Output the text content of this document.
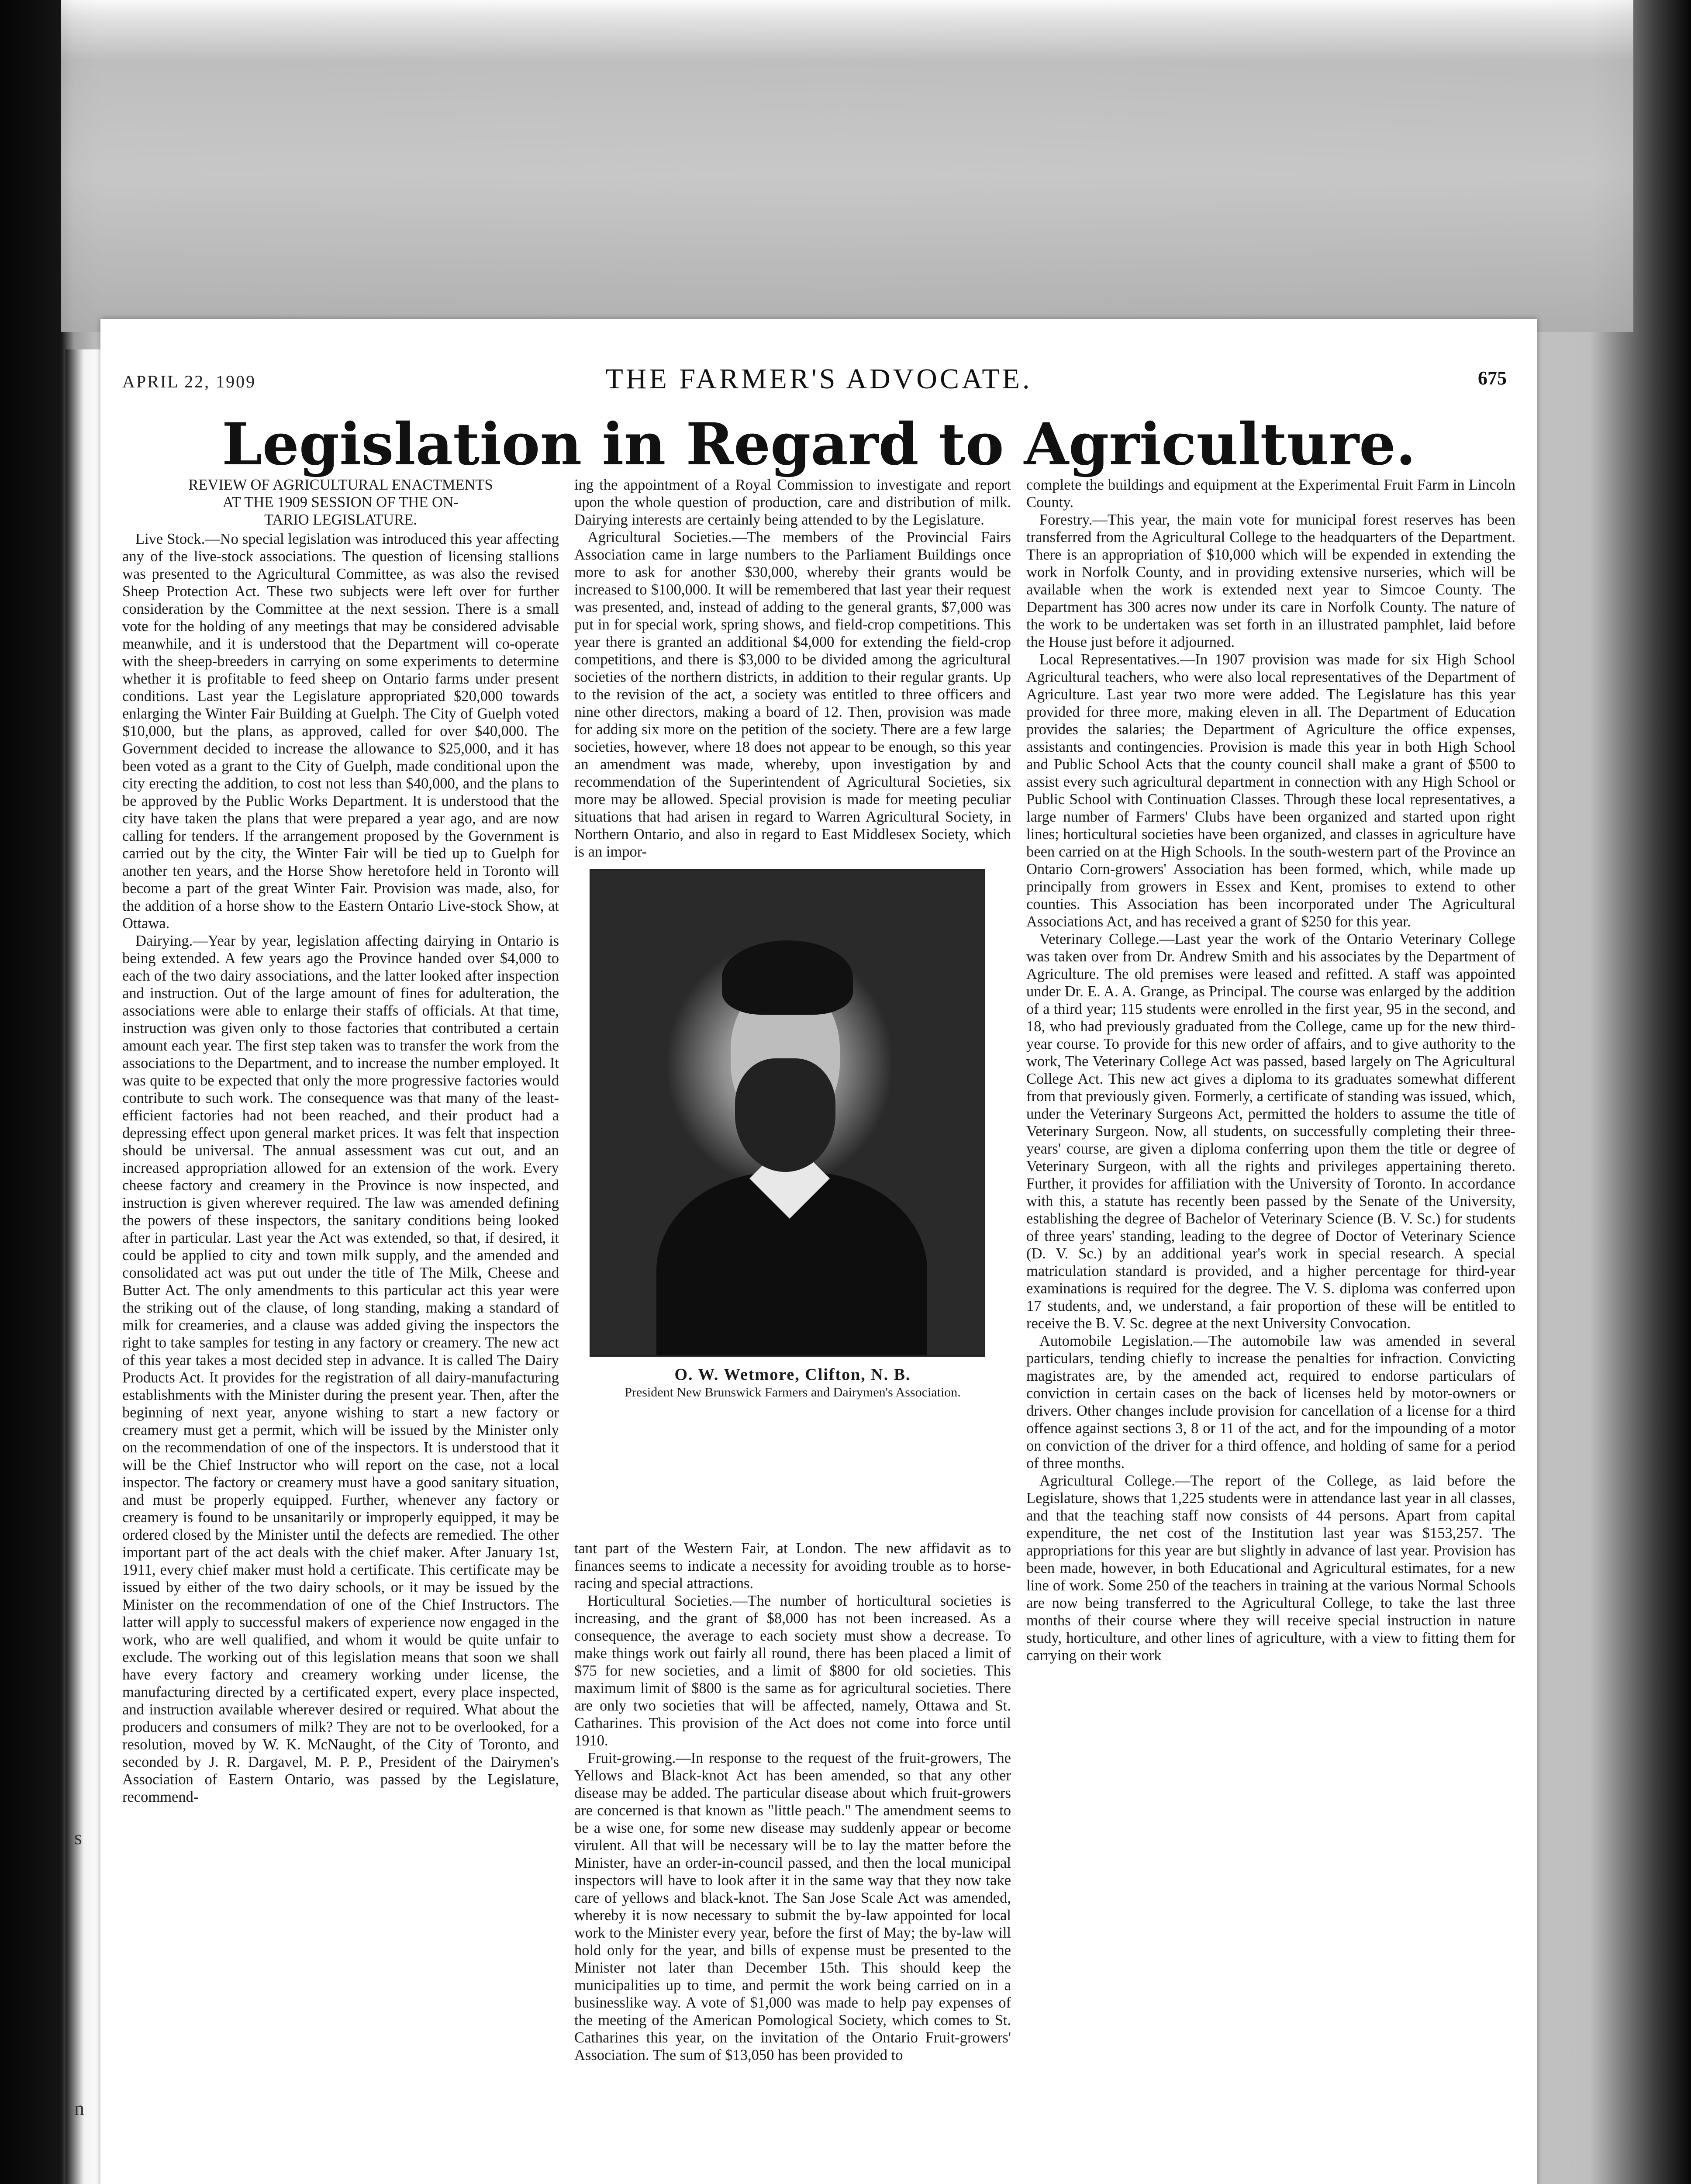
s
n
APRIL 22, 1909	THE FARMER'S ADVOCATE.	675
Legislation in Regard to Agriculture.

REVIEW OF AGRICULTURAL ENACTMENTS

AT THE 1909 SESSION OF THE ON-

TARIO LEGISLATURE.

Live Stock.—No special legislation was introduced this year affecting any of the live-stock associations. The question of licensing stallions was presented to the Agricultural Committee, as was also the revised Sheep Protection Act. These two subjects were left over for further consideration by the Committee at the next session. There is a small vote for the holding of any meetings that may be considered advisable meanwhile, and it is understood that the Department will co-operate with the sheep-breeders in carrying on some experiments to determine whether it is profitable to feed sheep on Ontario farms under present conditions. Last year the Legislature appropriated $20,000 towards enlarging the Winter Fair Building at Guelph. The City of Guelph voted $10,000, but the plans, as approved, called for over $40,000. The Government decided to increase the allowance to $25,000, and it has been voted as a grant to the City of Guelph, made conditional upon the city erecting the addition, to cost not less than $40,000, and the plans to be approved by the Public Works Department. It is understood that the city have taken the plans that were prepared a year ago, and are now calling for tenders. If the arrangement proposed by the Government is carried out by the city, the Winter Fair will be tied up to Guelph for another ten years, and the Horse Show heretofore held in Toronto will become a part of the great Winter Fair. Provision was made, also, for the addition of a horse show to the Eastern Ontario Live-stock Show, at Ottawa.

Dairying.—Year by year, legislation affecting dairying in Ontario is being extended. A few years ago the Province handed over $4,000 to each of the two dairy associations, and the latter looked after inspection and instruction. Out of the large amount of fines for adulteration, the associations were able to enlarge their staffs of officials. At that time, instruction was given only to those factories that contributed a certain amount each year. The first step taken was to transfer the work from the associations to the Department, and to increase the number employed. It was quite to be expected that only the more progressive factories would contribute to such work. The consequence was that many of the least-efficient factories had not been reached, and their product had a depressing effect upon general market prices. It was felt that inspection should be universal. The annual assessment was cut out, and an increased appropriation allowed for an extension of the work. Every cheese factory and creamery in the Province is now inspected, and instruction is given wherever required. The law was amended defining the powers of these inspectors, the sanitary conditions being looked after in particular. Last year the Act was extended, so that, if desired, it could be applied to city and town milk supply, and the amended and consolidated act was put out under the title of The Milk, Cheese and Butter Act. The only amendments to this particular act this year were the striking out of the clause, of long standing, making a standard of milk for creameries, and a clause was added giving the inspectors the right to take samples for testing in any factory or creamery. The new act of this year takes a most decided step in advance. It is called The Dairy Products Act. It provides for the registration of all dairy-manufacturing establishments with the Minister during the present year. Then, after the beginning of next year, anyone wishing to start a new factory or creamery must get a permit, which will be issued by the Minister only on the recommendation of one of the inspectors. It is understood that it will be the Chief Instructor who will report on the case, not a local inspector. The factory or creamery must have a good sanitary situation, and must be properly equipped. Further, whenever any factory or creamery is found to be unsanitarily or improperly equipped, it may be ordered closed by the Minister until the defects are remedied. The other important part of the act deals with the chief maker. After January 1st, 1911, every chief maker must hold a certificate. This certificate may be issued by either of the two dairy schools, or it may be issued by the Minister on the recommendation of one of the Chief Instructors. The latter will apply to successful makers of experience now engaged in the work, who are well qualified, and whom it would be quite unfair to exclude. The working out of this legislation means that soon we shall have every factory and creamery working under license, the manufacturing directed by a certificated expert, every place inspected, and instruction available wherever desired or required. What about the producers and consumers of milk? They are not to be overlooked, for a resolution, moved by W. K. McNaught, of the City of Toronto, and seconded by J. R. Dargavel, M. P. P., President of the Dairymen's Association of Eastern Ontario, was passed by the Legislature, recommend-

ing the appointment of a Royal Commission to investigate and report upon the whole question of production, care and distribution of milk. Dairying interests are certainly being attended to by the Legislature.

Agricultural Societies.—The members of the Provincial Fairs Association came in large numbers to the Parliament Buildings once more to ask for another $30,000, whereby their grants would be increased to $100,000. It will be remembered that last year their request was presented, and, instead of adding to the general grants, $7,000 was put in for special work, spring shows, and field-crop competitions. This year there is granted an additional $4,000 for extending the field-crop competitions, and there is $3,000 to be divided among the agricultural societies of the northern districts, in addition to their regular grants. Up to the revision of the act, a society was entitled to three officers and nine other directors, making a board of 12. Then, provision was made for adding six more on the petition of the society. There are a few large societies, however, where 18 does not appear to be enough, so this year an amendment was made, whereby, upon investigation by and recommendation of the Superintendent of Agricultural Societies, six more may be allowed. Special provision is made for meeting peculiar situations that had arisen in regard to Warren Agricultural Society, in Northern Ontario, and also in regard to East Middlesex Society, which is an impor-

O. W. Wetmore, Clifton, N. B.
President New Brunswick Farmers and Dairymen's Association.

tant part of the Western Fair, at London. The new affidavit as to finances seems to indicate a necessity for avoiding trouble as to horse-racing and special attractions.

Horticultural Societies.—The number of horticultural societies is increasing, and the grant of $8,000 has not been increased. As a consequence, the average to each society must show a decrease. To make things work out fairly all round, there has been placed a limit of $75 for new societies, and a limit of $800 for old societies. This maximum limit of $800 is the same as for agricultural societies. There are only two societies that will be affected, namely, Ottawa and St. Catharines. This provision of the Act does not come into force until 1910.

Fruit-growing.—In response to the request of the fruit-growers, The Yellows and Black-knot Act has been amended, so that any other disease may be added. The particular disease about which fruit-growers are concerned is that known as "little peach." The amendment seems to be a wise one, for some new disease may suddenly appear or become virulent. All that will be necessary will be to lay the matter before the Minister, have an order-in-council passed, and then the local municipal inspectors will have to look after it in the same way that they now take care of yellows and black-knot. The San Jose Scale Act was amended, whereby it is now necessary to submit the by-law appointed for local work to the Minister every year, before the first of May; the by-law will hold only for the year, and bills of expense must be presented to the Minister not later than December 15th. This should keep the municipalities up to time, and permit the work being carried on in a businesslike way. A vote of $1,000 was made to help pay expenses of the meeting of the American Pomological Society, which comes to St. Catharines this year, on the invitation of the Ontario Fruit-growers' Association. The sum of $13,050 has been provided to

complete the buildings and equipment at the Experimental Fruit Farm in Lincoln County.

Forestry.—This year, the main vote for municipal forest reserves has been transferred from the Agricultural College to the headquarters of the Department. There is an appropriation of $10,000 which will be expended in extending the work in Norfolk County, and in providing extensive nurseries, which will be available when the work is extended next year to Simcoe County. The Department has 300 acres now under its care in Norfolk County. The nature of the work to be undertaken was set forth in an illustrated pamphlet, laid before the House just before it adjourned.

Local Representatives.—In 1907 provision was made for six High School Agricultural teachers, who were also local representatives of the Department of Agriculture. Last year two more were added. The Legislature has this year provided for three more, making eleven in all. The Department of Education provides the salaries; the Department of Agriculture the office expenses, assistants and contingencies. Provision is made this year in both High School and Public School Acts that the county council shall make a grant of $500 to assist every such agricultural department in connection with any High School or Public School with Continuation Classes. Through these local representatives, a large number of Farmers' Clubs have been organized and started upon right lines; horticultural societies have been organized, and classes in agriculture have been carried on at the High Schools. In the south-western part of the Province an Ontario Corn-growers' Association has been formed, which, while made up principally from growers in Essex and Kent, promises to extend to other counties. This Association has been incorporated under The Agricultural Associations Act, and has received a grant of $250 for this year.

Veterinary College.—Last year the work of the Ontario Veterinary College was taken over from Dr. Andrew Smith and his associates by the Department of Agriculture. The old premises were leased and refitted. A staff was appointed under Dr. E. A. A. Grange, as Principal. The course was enlarged by the addition of a third year; 115 students were enrolled in the first year, 95 in the second, and 18, who had previously graduated from the College, came up for the new third-year course. To provide for this new order of affairs, and to give authority to the work, The Veterinary College Act was passed, based largely on The Agricultural College Act. This new act gives a diploma to its graduates somewhat different from that previously given. Formerly, a certificate of standing was issued, which, under the Veterinary Surgeons Act, permitted the holders to assume the title of Veterinary Surgeon. Now, all students, on successfully completing their three-years' course, are given a diploma conferring upon them the title or degree of Veterinary Surgeon, with all the rights and privileges appertaining thereto. Further, it provides for affiliation with the University of Toronto. In accordance with this, a statute has recently been passed by the Senate of the University, establishing the degree of Bachelor of Veterinary Science (B. V. Sc.) for students of three years' standing, leading to the degree of Doctor of Veterinary Science (D. V. Sc.) by an additional year's work in special research. A special matriculation standard is provided, and a higher percentage for third-year examinations is required for the degree. The V. S. diploma was conferred upon 17 students, and, we understand, a fair proportion of these will be entitled to receive the B. V. Sc. degree at the next University Convocation.

Automobile Legislation.—The automobile law was amended in several particulars, tending chiefly to increase the penalties for infraction. Convicting magistrates are, by the amended act, required to endorse particulars of conviction in certain cases on the back of licenses held by motor-owners or drivers. Other changes include provision for cancellation of a license for a third offence against sections 3, 8 or 11 of the act, and for the impounding of a motor on conviction of the driver for a third offence, and holding of same for a period of three months.

Agricultural College.—The report of the College, as laid before the Legislature, shows that 1,225 students were in attendance last year in all classes, and that the teaching staff now consists of 44 persons. Apart from capital expenditure, the net cost of the Institution last year was $153,257. The appropriations for this year are but slightly in advance of last year. Provision has been made, however, in both Educational and Agricultural estimates, for a new line of work. Some 250 of the teachers in training at the various Normal Schools are now being transferred to the Agricultural College, to take the last three months of their course where they will receive special instruction in nature study, horticulture, and other lines of agriculture, with a view to fitting them for carrying on their work
